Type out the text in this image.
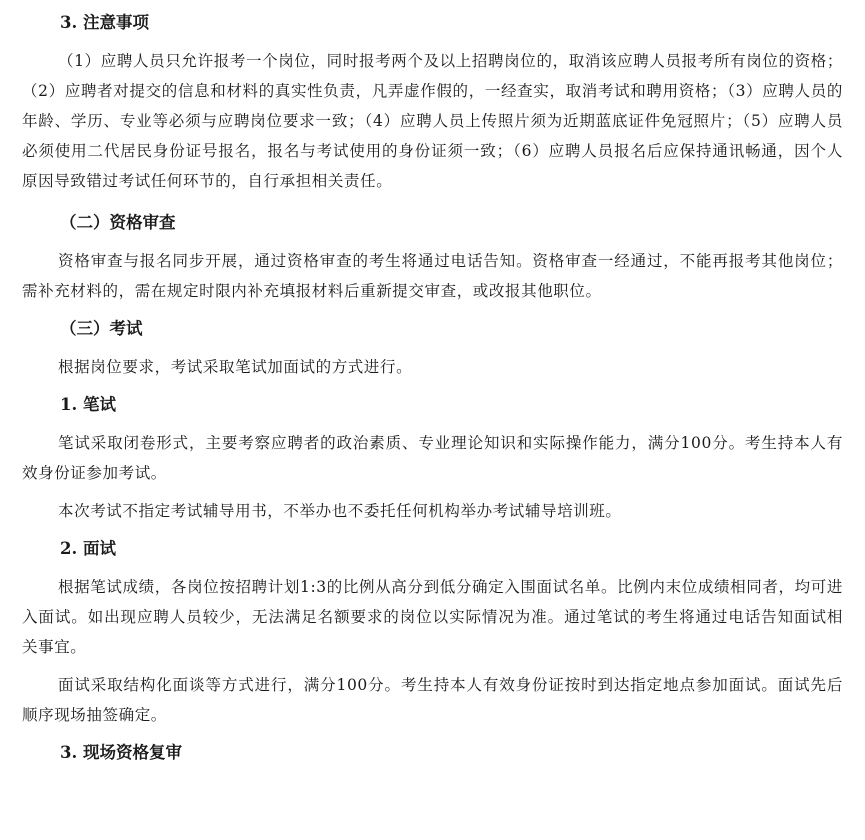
3. 注意事项

（1）应聘人员只允许报考一个岗位，同时报考两个及以上招聘岗位的，取消该应聘人员报考所有岗位的资格；（2）应聘者对提交的信息和材料的真实性负责，凡弄虚作假的，一经查实，取消考试和聘用资格；（3）应聘人员的年龄、学历、专业等必须与应聘岗位要求一致；（4）应聘人员上传照片须为近期蓝底证件免冠照片；（5）应聘人员必须使用二代居民身份证号报名，报名与考试使用的身份证须一致；（6）应聘人员报名后应保持通讯畅通，因个人原因导致错过考试任何环节的，自行承担相关责任。

（二）资格审查

资格审查与报名同步开展，通过资格审查的考生将通过电话告知。资格审查一经通过，不能再报考其他岗位；需补充材料的，需在规定时限内补充填报材料后重新提交审查，或改报其他职位。

（三）考试

根据岗位要求，考试采取笔试加面试的方式进行。

1. 笔试

笔试采取闭卷形式，主要考察应聘者的政治素质、专业理论知识和实际操作能力，满分100分。考生持本人有效身份证参加考试。

本次考试不指定考试辅导用书，不举办也不委托任何机构举办考试辅导培训班。

2. 面试

根据笔试成绩，各岗位按招聘计划1:3的比例从高分到低分确定入围面试名单。比例内末位成绩相同者，均可进入面试。如出现应聘人员较少，无法满足名额要求的岗位以实际情况为准。通过笔试的考生将通过电话告知面试相关事宜。

面试采取结构化面谈等方式进行，满分100分。考生持本人有效身份证按时到达指定地点参加面试。面试先后顺序现场抽签确定。

3. 现场资格复审
